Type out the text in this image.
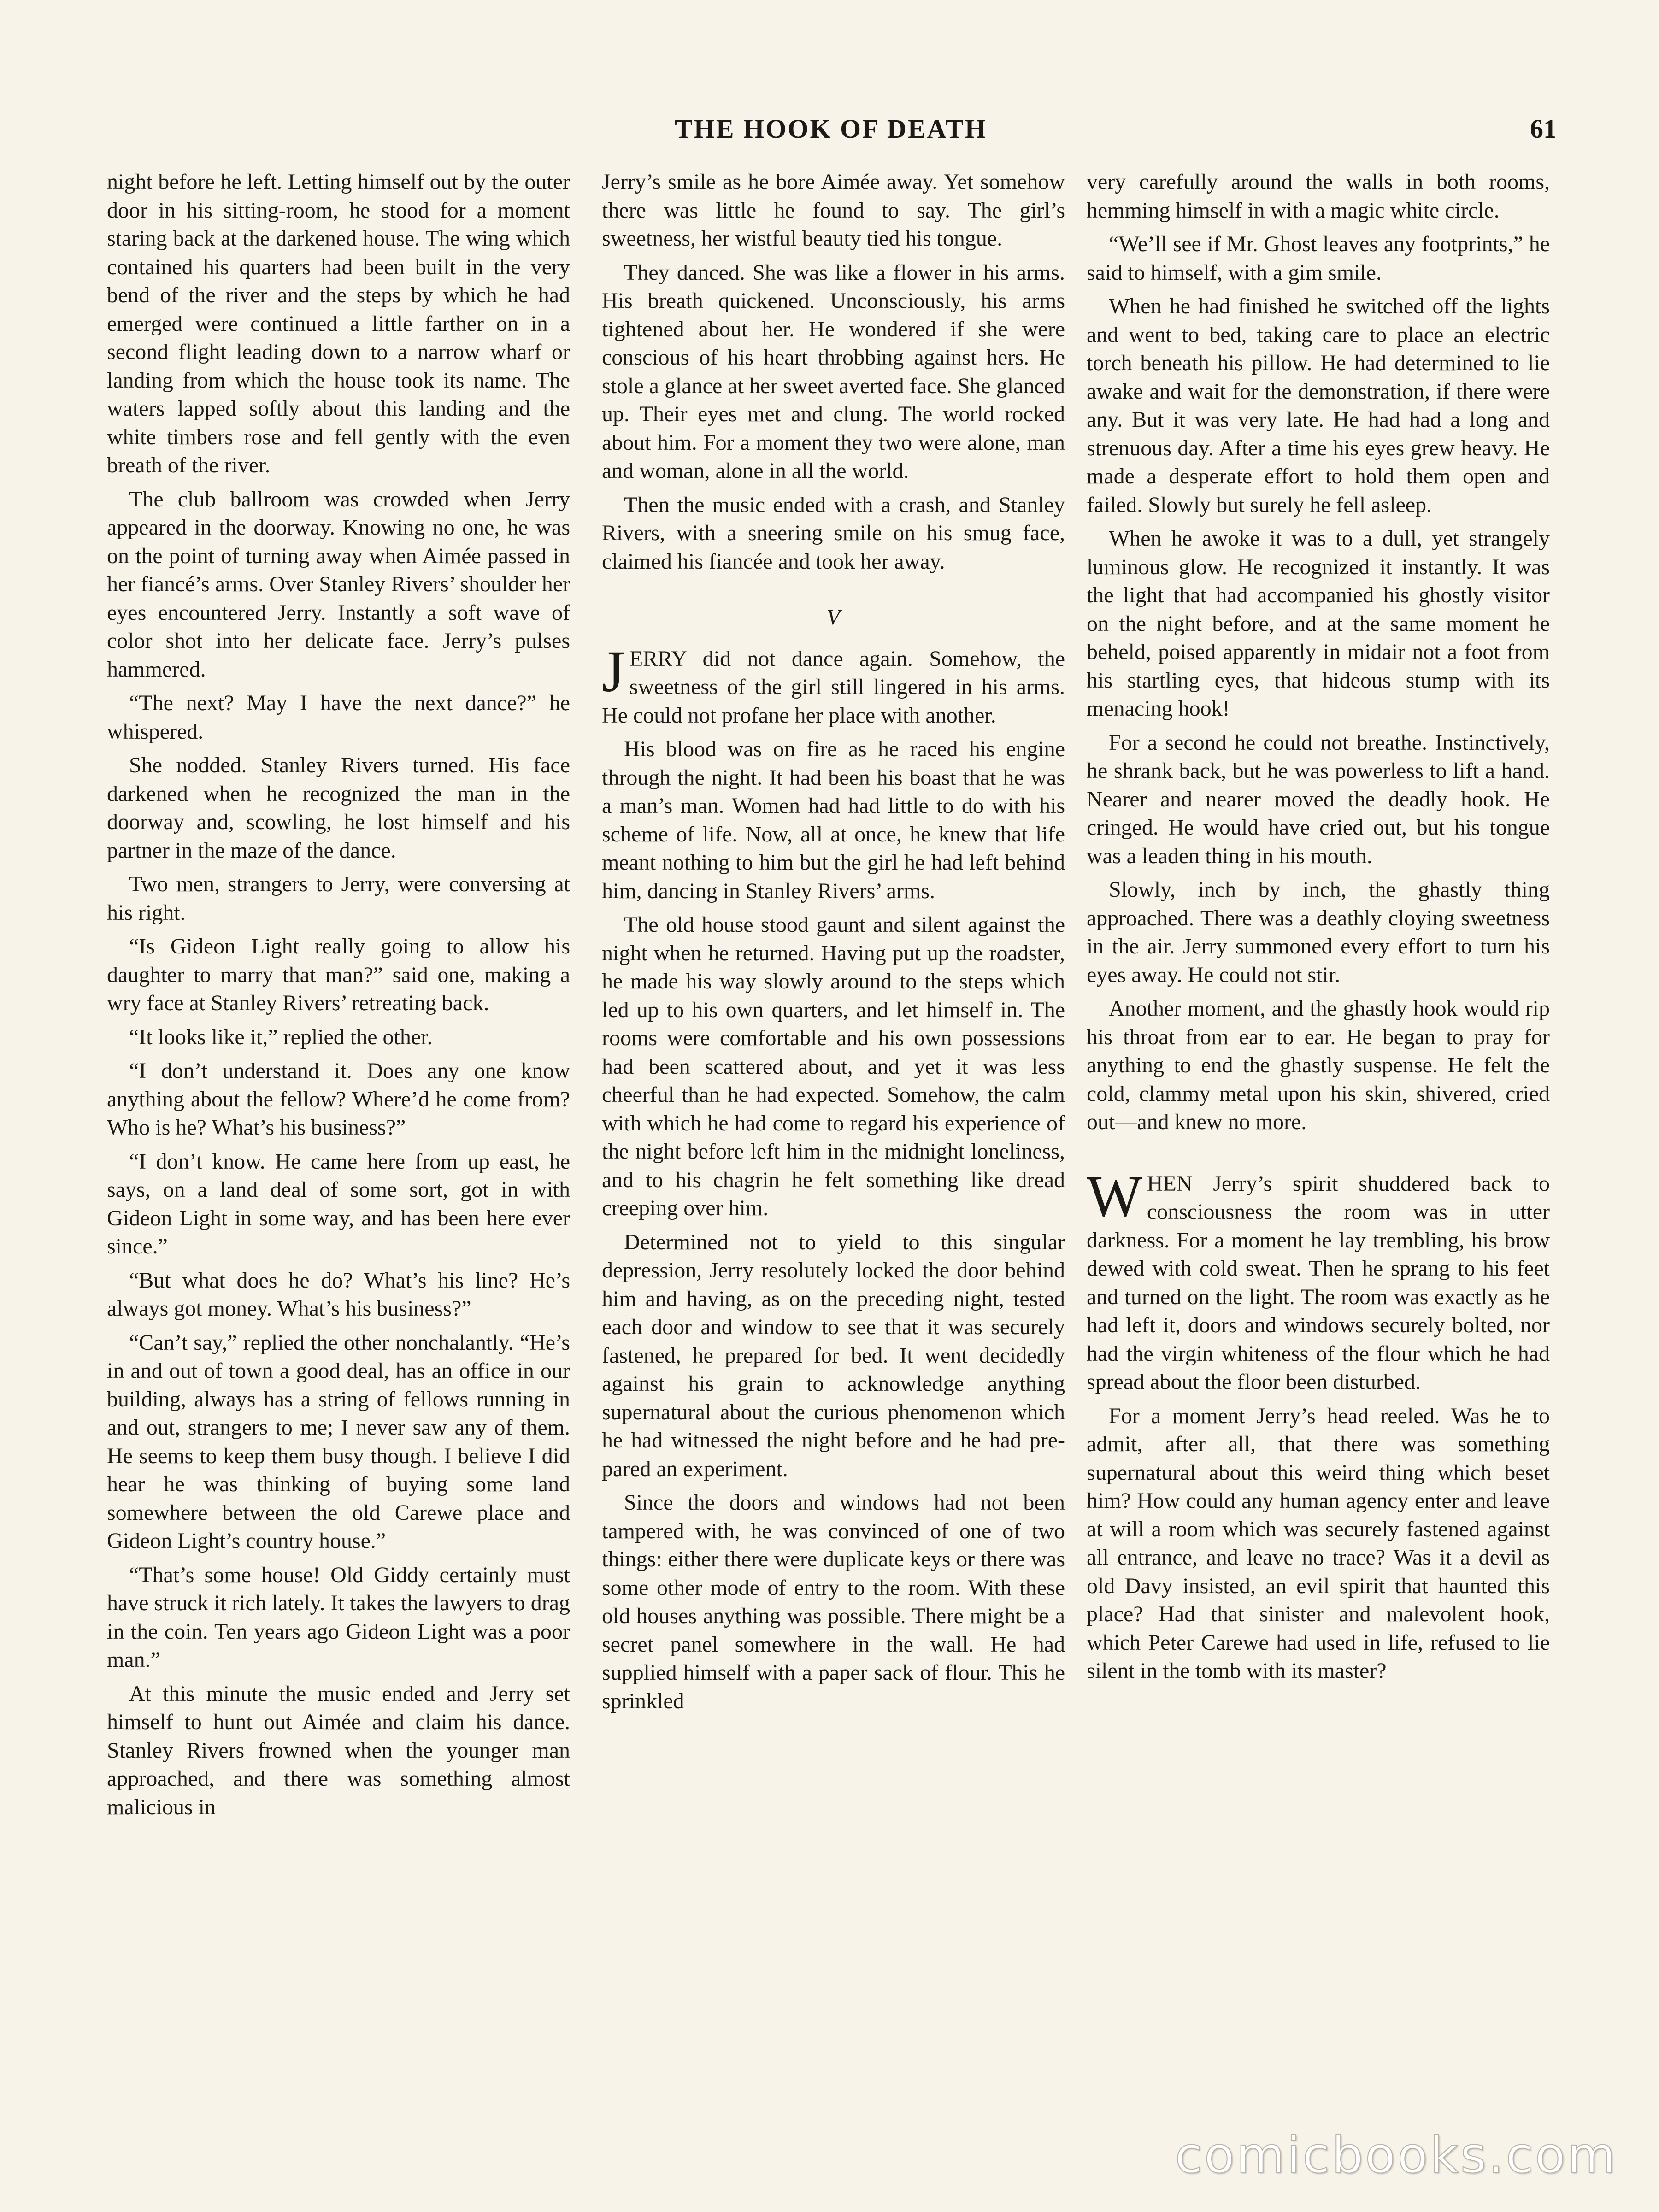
THE HOOK OF DEATH	61

night before he left. Letting himself out by the outer door in his sitting-room, he stood for a moment staring back at the darkened house. The wing which contained his quarters had been built in the very bend of the river and the steps by which he had emerged were continued a little farther on in a second flight leading down to a narrow wharf or landing from which the house took its name. The waters lapped softly about this landing and the white timbers rose and fell gently with the even breath of the river.

The club ballroom was crowded when Jerry appeared in the doorway. Knowing no one, he was on the point of turning away when Aimée passed in her fiancé’s arms. Over Stanley Rivers’ shoulder her eyes encountered Jerry. Instantly a soft wave of color shot into her delicate face. Jerry’s pulses hammered.

“The next? May I have the next dance?” he whispered.

She nodded. Stanley Rivers turned. His face darkened when he recognized the man in the doorway and, scowling, he lost himself and his partner in the maze of the dance.

Two men, strangers to Jerry, were conversing at his right.

“Is Gideon Light really going to allow his daughter to marry that man?” said one, making a wry face at Stanley Rivers’ retreating back.

“It looks like it,” replied the other.

“I don’t understand it. Does any one know anything about the fellow? Where’d he come from? Who is he? What’s his business?”

“I don’t know. He came here from up east, he says, on a land deal of some sort, got in with Gideon Light in some way, and has been here ever since.”

“But what does he do? What’s his line? He’s always got money. What’s his business?”

“Can’t say,” replied the other nonchalantly. “He’s in and out of town a good deal, has an office in our building, always has a string of fellows running in and out, strangers to me; I never saw any of them. He seems to keep them busy though. I believe I did hear he was thinking of buying some land somewhere between the old Carewe place and Gideon Light’s country house.”

“That’s some house! Old Giddy certainly must have struck it rich lately. It takes the lawyers to drag in the coin. Ten years ago Gideon Light was a poor man.”

At this minute the music ended and Jerry set himself to hunt out Aimée and claim his dance. Stanley Rivers frowned when the younger man approached, and there was something almost malicious in

Jerry’s smile as he bore Aimée away. Yet somehow there was little he found to say. The girl’s sweetness, her wistful beauty tied his tongue.

They danced. She was like a flower in his arms. His breath quickened. Unconsciously, his arms tightened about her. He wondered if she were conscious of his heart throbbing against hers. He stole a glance at her sweet averted face. She glanced up. Their eyes met and clung. The world rocked about him. For a moment they two were alone, man and woman, alone in all the world.

Then the music ended with a crash, and Stanley Rivers, with a sneering smile on his smug face, claimed his fiancée and took her away.

V

JERRY did not dance again. Somehow, the sweetness of the girl still lingered in his arms. He could not profane her place with another.

His blood was on fire as he raced his engine through the night. It had been his boast that he was a man’s man. Women had had little to do with his scheme of life. Now, all at once, he knew that life meant nothing to him but the girl he had left behind him, dancing in Stanley Rivers’ arms.

The old house stood gaunt and silent against the night when he returned. Having put up the roadster, he made his way slowly around to the steps which led up to his own quarters, and let himself in. The rooms were comfortable and his own possessions had been scattered about, and yet it was less cheerful than he had expected. Somehow, the calm with which he had come to regard his experience of the night before left him in the midnight loneliness, and to his chagrin he felt something like dread creeping over him.

Determined not to yield to this singular depression, Jerry resolutely locked the door behind him and having, as on the preceding night, tested each door and window to see that it was securely fastened, he prepared for bed. It went decidedly against his grain to acknowledge anything supernatural about the curious phenomenon which he had witnessed the night before and he had prepared an experiment.

Since the doors and windows had not been tampered with, he was convinced of one of two things: either there were duplicate keys or there was some other mode of entry to the room. With these old houses anything was possible. There might be a secret panel somewhere in the wall. He had supplied himself with a paper sack of flour. This he sprinkled

very carefully around the walls in both rooms, hemming himself in with a magic white circle.

“We’ll see if Mr. Ghost leaves any footprints,” he said to himself, with a gim smile.

When he had finished he switched off the lights and went to bed, taking care to place an electric torch beneath his pillow. He had determined to lie awake and wait for the demonstration, if there were any. But it was very late. He had had a long and strenuous day. After a time his eyes grew heavy. He made a desperate effort to hold them open and failed. Slowly but surely he fell asleep.

When he awoke it was to a dull, yet strangely luminous glow. He recognized it instantly. It was the light that had accompanied his ghostly visitor on the night before, and at the same moment he beheld, poised apparently in midair not a foot from his startling eyes, that hideous stump with its menacing hook!

For a second he could not breathe. Instinctively, he shrank back, but he was powerless to lift a hand. Nearer and nearer moved the deadly hook. He cringed. He would have cried out, but his tongue was a leaden thing in his mouth.

Slowly, inch by inch, the ghastly thing approached. There was a deathly cloying sweetness in the air. Jerry summoned every effort to turn his eyes away. He could not stir.

Another moment, and the ghastly hook would rip his throat from ear to ear. He began to pray for anything to end the ghastly suspense. He felt the cold, clammy metal upon his skin, shivered, cried out—and knew no more.

WHEN Jerry’s spirit shuddered back to consciousness the room was in utter darkness. For a moment he lay trembling, his brow dewed with cold sweat. Then he sprang to his feet and turned on the light. The room was exactly as he had left it, doors and windows securely bolted, nor had the virgin whiteness of the flour which he had spread about the floor been disturbed.

For a moment Jerry’s head reeled. Was he to admit, after all, that there was something supernatural about this weird thing which beset him? How could any human agency enter and leave at will a room which was securely fastened against all entrance, and leave no trace? Was it a devil as old Davy insisted, an evil spirit that haunted this place? Had that sinister and malevolent hook, which Peter Carewe had used in life, refused to lie silent in the tomb with its master?

comicbooks.com
